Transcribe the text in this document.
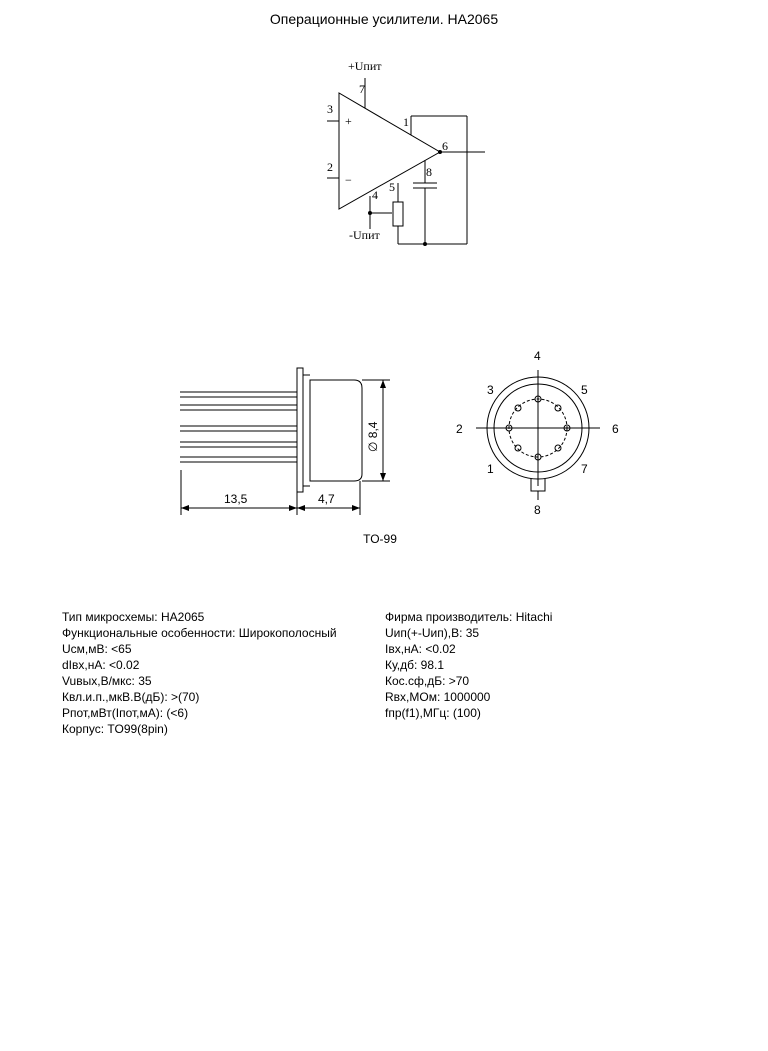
Операционные усилители. HA2065
+Uпит
-Uпит
+
−
7
3
2
1
6
5
4
8
13,5	4,7
∅ 8,4
4
3	5
2	6
1	7
8
TO-99
Тип микросхемы: HA2065
Функциональные особенности: Широкополосный
Uсм,мВ: <65
dIвх,нА: <0.02
Vuвых,В/мкс: 35
Квл.и.п.,мкВ.В(дБ): >(70)
Рпот,мВт(Iпот,мА): (<6)
Корпус: TO99(8pin)
Фирма производитель: Hitachi
Uип(+-Uип),В: 35
Iвх,нА: <0.02
Ку,дб: 98.1
Кос.сф,дБ: >70
Rвх,МОм: 1000000
fпр(f1),МГц: (100)
